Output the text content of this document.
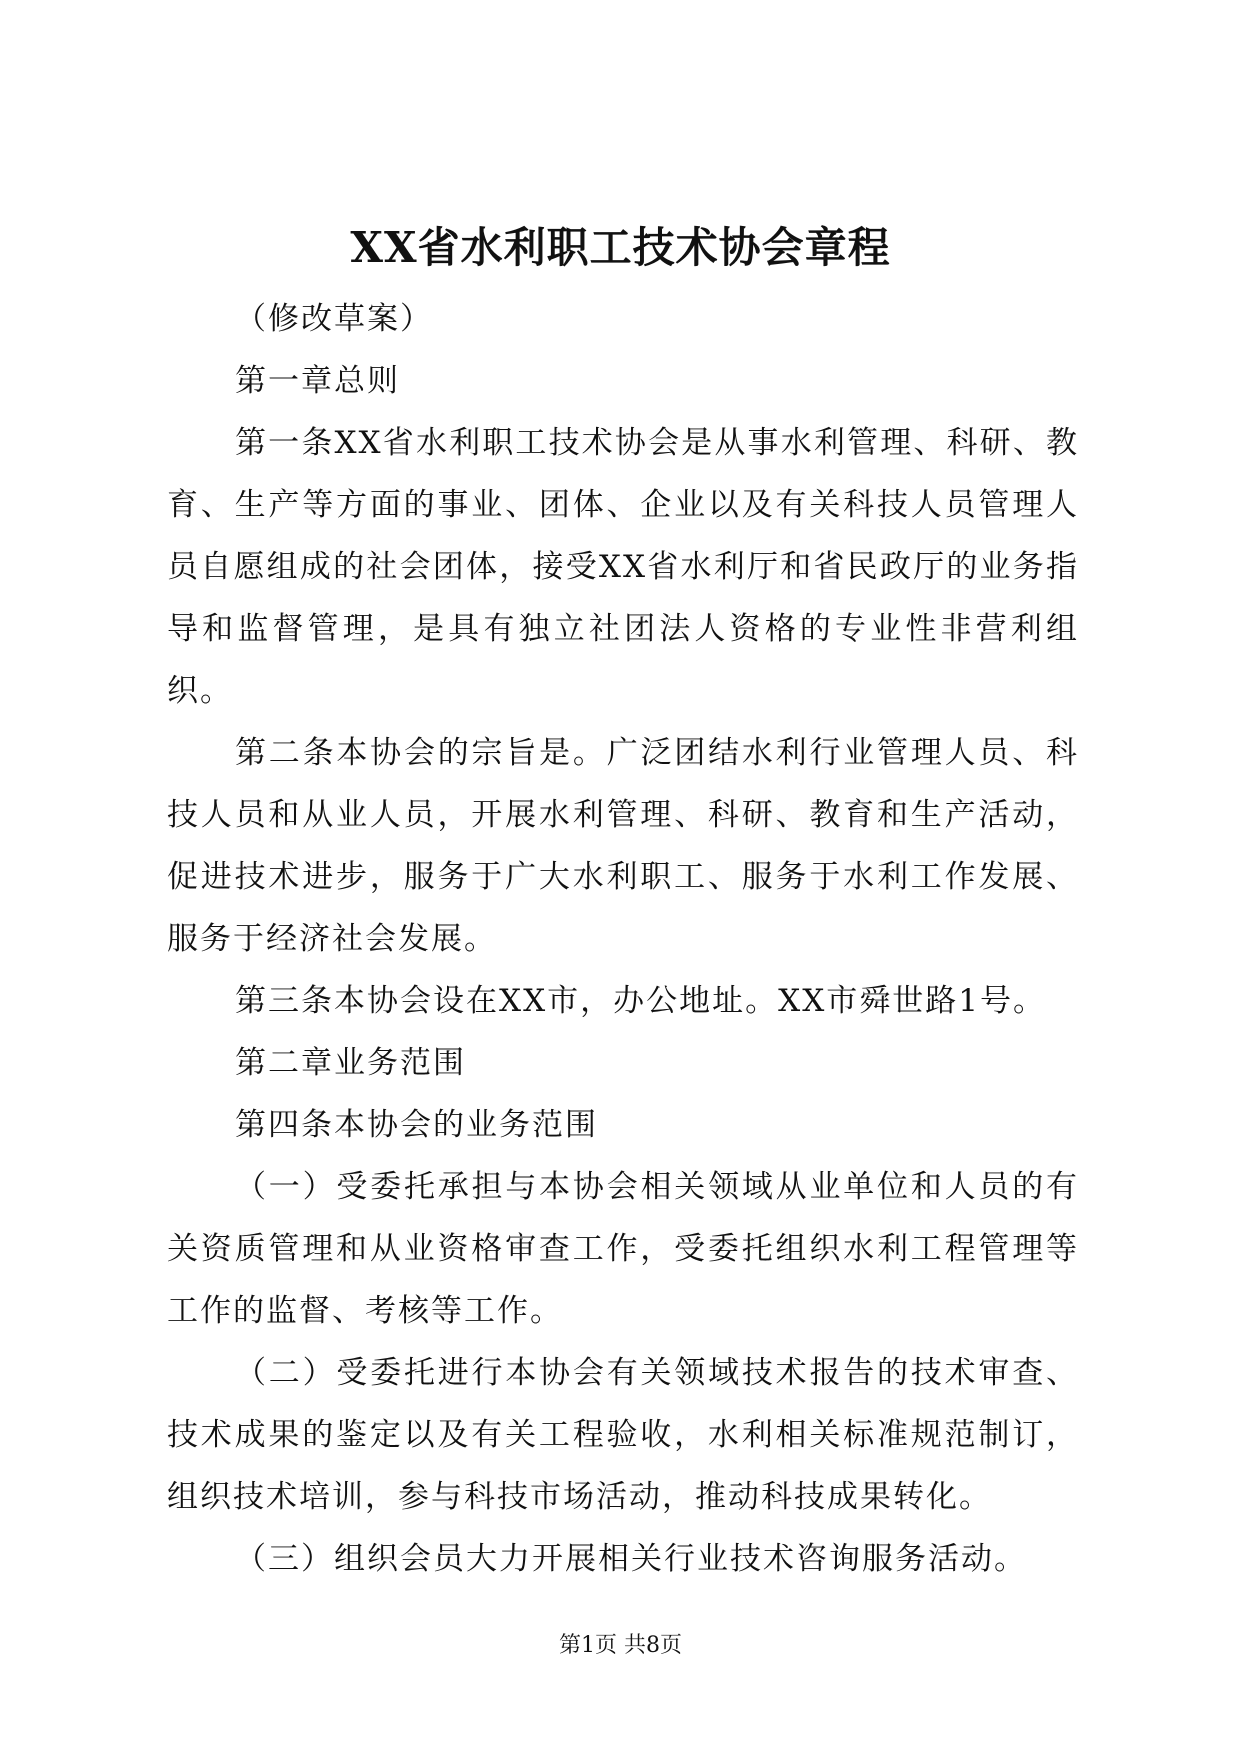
XX省水利职工技术协会章程

（修改草案）

第一章总则

第一条XX省水利职工技术协会是从事水利管理、科研、教育、生产等方面的事业、团体、企业以及有关科技人员管理人员自愿组成的社会团体，接受XX省水利厅和省民政厅的业务指导和监督管理，是具有独立社团法人资格的专业性非营利组织。

第二条本协会的宗旨是。广泛团结水利行业管理人员、科技人员和从业人员，开展水利管理、科研、教育和生产活动，促进技术进步，服务于广大水利职工、服务于水利工作发展、服务于经济社会发展。

第三条本协会设在XX市，办公地址。XX市舜世路1号。

第二章业务范围

第四条本协会的业务范围

（一）受委托承担与本协会相关领域从业单位和人员的有关资质管理和从业资格审查工作，受委托组织水利工程管理等工作的监督、考核等工作。

（二）受委托进行本协会有关领域技术报告的技术审查、技术成果的鉴定以及有关工程验收，水利相关标准规范制订，组织技术培训，参与科技市场活动，推动科技成果转化。

（三）组织会员大力开展相关行业技术咨询服务活动。

第1页 共8页
